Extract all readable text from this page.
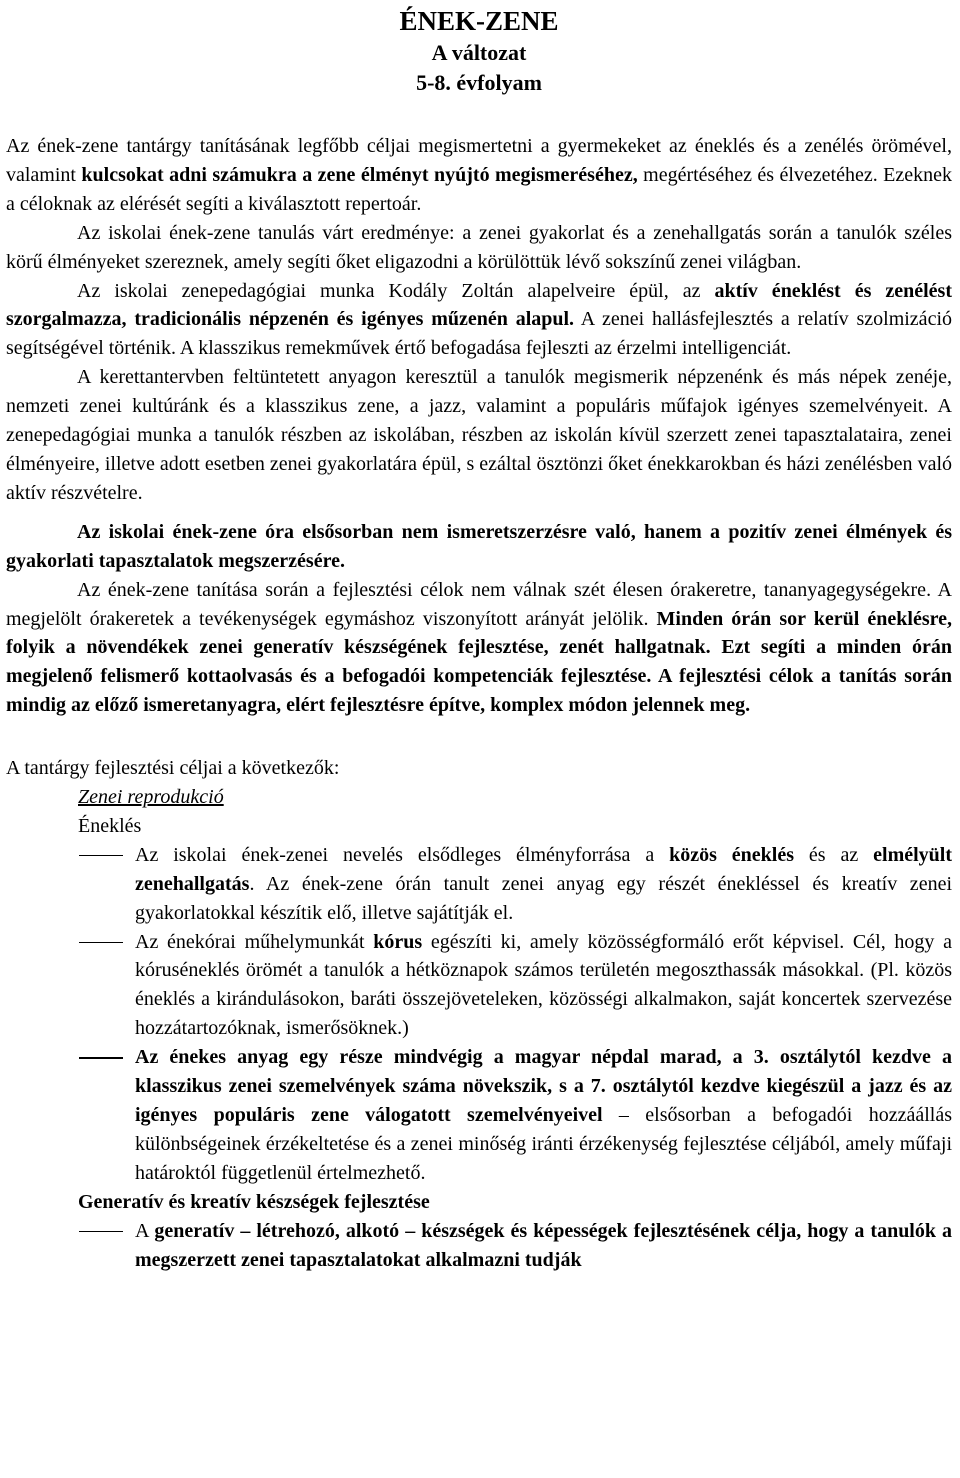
ÉNEK-ZENE
A változat
5-8. évfolyam

Az ének-zene tantárgy tanításának legfőbb céljai megismertetni a gyermekeket az éneklés és a zenélés örömével, valamint kulcsokat adni számukra a zene élményt nyújtó megismeréséhez, megértéséhez és élvezetéhez. Ezeknek a céloknak az elérését segíti a kiválasztott repertoár.

Az iskolai ének-zene tanulás várt eredménye: a zenei gyakorlat és a zenehallgatás során a tanulók széles körű élményeket szereznek, amely segíti őket eligazodni a körülöttük lévő sokszínű zenei világban.

Az iskolai zenepedagógiai munka Kodály Zoltán alapelveire épül, az aktív éneklést és zenélést szorgalmazza, tradicionális népzenén és igényes műzenén alapul. A zenei hallásfejlesztés a relatív szolmizáció segítségével történik. A klasszikus remekművek értő befogadása fejleszti az érzelmi intelligenciát.

A kerettantervben feltüntetett anyagon keresztül a tanulók megismerik népzenénk és más népek zenéje, nemzeti zenei kultúránk és a klasszikus zene, a jazz, valamint a populáris műfajok igényes szemelvényeit. A zenepedagógiai munka a tanulók részben az iskolában, részben az iskolán kívül szerzett zenei tapasztalataira, zenei élményeire, illetve adott esetben zenei gyakorlatára épül, s ezáltal ösztönzi őket énekkarokban és házi zenélésben való aktív részvételre.

Az iskolai ének-zene óra elsősorban nem ismeretszerzésre való, hanem a pozitív zenei élmények és gyakorlati tapasztalatok megszerzésére.

Az ének-zene tanítása során a fejlesztési célok nem válnak szét élesen órakeretre, tananyagegységekre. A megjelölt órakeretek a tevékenységek egymáshoz viszonyított arányát jelölik. Minden órán sor kerül éneklésre, folyik a növendékek zenei generatív készségének fejlesztése, zenét hallgatnak. Ezt segíti a minden órán megjelenő felismerő kottaolvasás és a befogadói kompetenciák fejlesztése. A fejlesztési célok a tanítás során mindig az előző ismeretanyagra, elért fejlesztésre építve, komplex módon jelennek meg.

A tantárgy fejlesztési céljai a következők:

Zenei reprodukció

Éneklés

Az iskolai ének-zenei nevelés elsődleges élményforrása a közös éneklés és az elmélyült zenehallgatás. Az ének-zene órán tanult zenei anyag egy részét énekléssel és kreatív zenei gyakorlatokkal készítik elő, illetve sajátítják el.
Az énekórai műhelymunkát kórus egészíti ki, amely közösségformáló erőt képvisel. Cél, hogy a kóruséneklés örömét a tanulók a hétköznapok számos területén megoszthassák másokkal. (Pl. közös éneklés a kirándulásokon, baráti összejöveteleken, közösségi alkalmakon, saját koncertek szervezése hozzátartozóknak, ismerősöknek.)
Az énekes anyag egy része mindvégig a magyar népdal marad, a 3. osztálytól kezdve a klasszikus zenei szemelvények száma növekszik, s a 7. osztálytól kezdve kiegészül a jazz és az igényes populáris zene válogatott szemelvényeivel – elsősorban a befogadói hozzáállás különbségeinek érzékeltetése és a zenei minőség iránti érzékenység fejlesztése céljából, amely műfaji határoktól függetlenül értelmezhető.

Generatív és kreatív készségek fejlesztése

A generatív – létrehozó, alkotó – készségek és képességek fejlesztésének célja, hogy a tanulók a megszerzett zenei tapasztalatokat alkalmazni tudják
